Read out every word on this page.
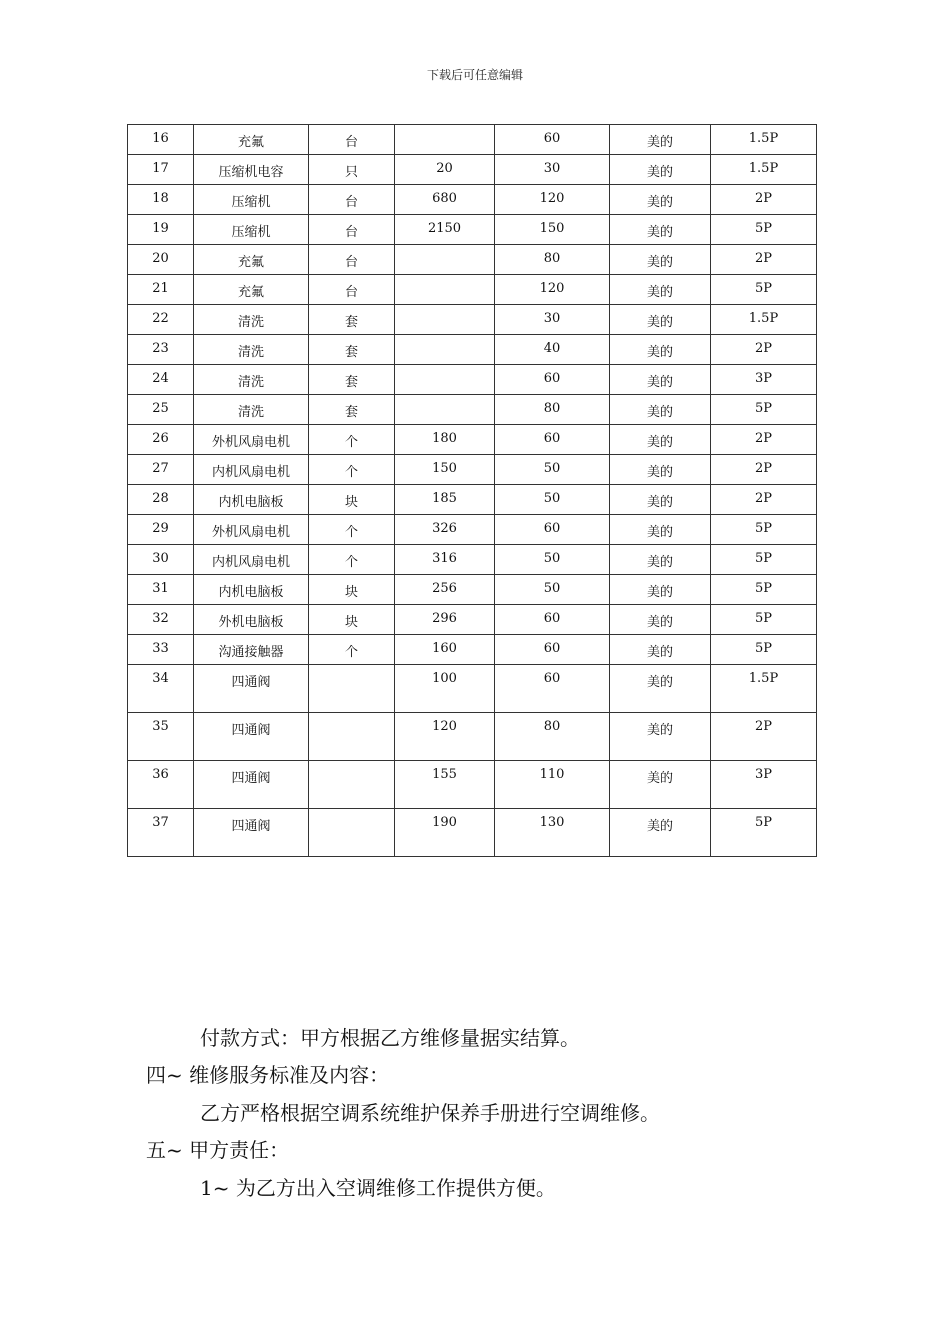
下载后可任意编辑
16	充氟	台		60	美的	1.5P
17	压缩机电容	只	20	30	美的	1.5P
18	压缩机	台	680	120	美的	2P
19	压缩机	台	2150	150	美的	5P
20	充氟	台		80	美的	2P
21	充氟	台		120	美的	5P
22	清洗	套		30	美的	1.5P
23	清洗	套		40	美的	2P
24	清洗	套		60	美的	3P
25	清洗	套		80	美的	5P
26	外机风扇电机	个	180	60	美的	2P
27	内机风扇电机	个	150	50	美的	2P
28	内机电脑板	块	185	50	美的	2P
29	外机风扇电机	个	326	60	美的	5P
30	内机风扇电机	个	316	50	美的	5P
31	内机电脑板	块	256	50	美的	5P
32	外机电脑板	块	296	60	美的	5P
33	沟通接触器	个	160	60	美的	5P
34	四通阀		100	60	美的	1.5P
35	四通阀		120	80	美的	2P
36	四通阀		155	110	美的	3P
37	四通阀		190	130	美的	5P
付款方式：甲方根据乙方维修量据实结算。
四~ 维修服务标准及内容：
乙方严格根据空调系统维护保养手册进行空调维修。
五~ 甲方责任：
1~ 为乙方出入空调维修工作提供方便。
